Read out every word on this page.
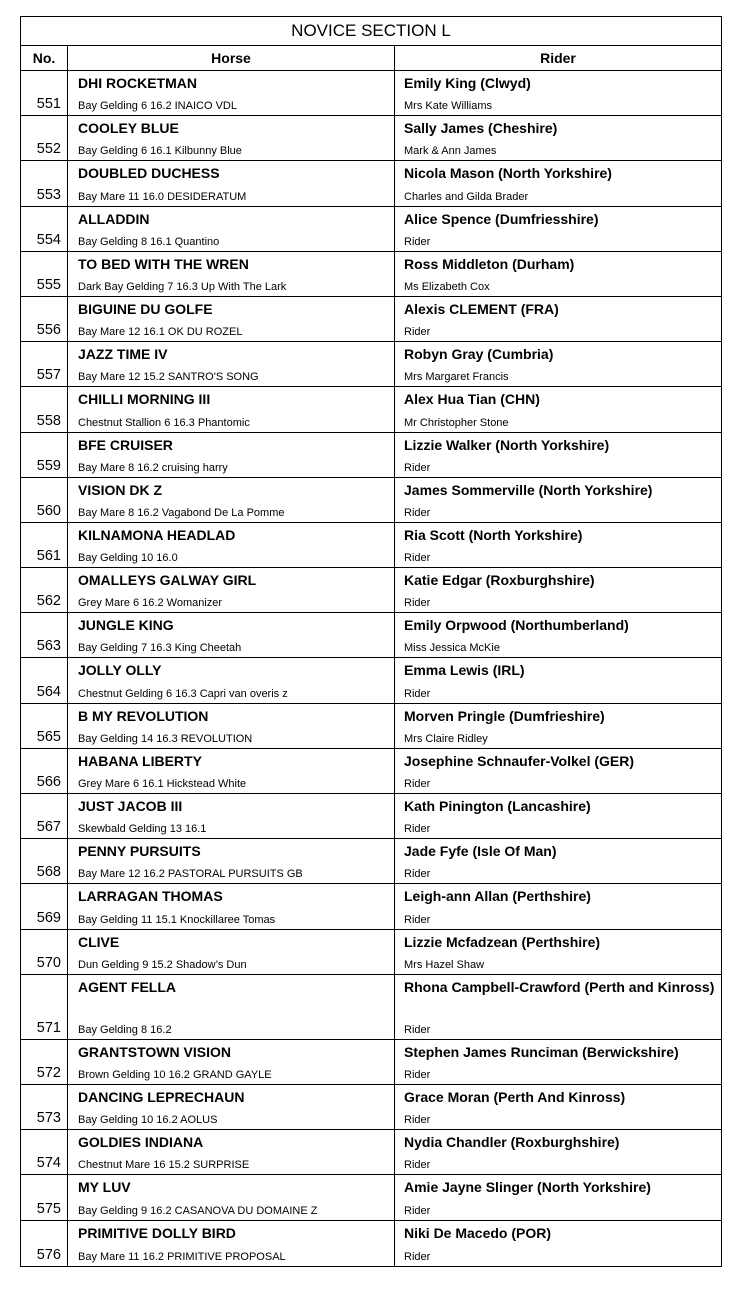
NOVICE SECTION L
No.	Horse	Rider
551
DHI ROCKETMAN
Bay Gelding 6 16.2 INAICO VDL
Emily King (Clwyd)
Mrs Kate Williams
552
COOLEY BLUE
Bay Gelding 6 16.1 Kilbunny Blue
Sally James (Cheshire)
Mark & Ann James
553
DOUBLED DUCHESS
Bay Mare 11 16.0 DESIDERATUM
Nicola Mason (North Yorkshire)
Charles and Gilda Brader
554
ALLADDIN
Bay Gelding 8 16.1 Quantino
Alice Spence (Dumfriesshire)
Rider
555
TO BED WITH THE WREN
Dark Bay Gelding 7 16.3 Up With The Lark
Ross Middleton (Durham)
Ms Elizabeth Cox
556
BIGUINE DU GOLFE
Bay Mare 12 16.1 OK DU ROZEL
Alexis CLEMENT (FRA)
Rider
557
JAZZ TIME IV
Bay Mare 12 15.2 SANTRO'S SONG
Robyn Gray (Cumbria)
Mrs Margaret Francis
558
CHILLI MORNING III
Chestnut Stallion 6 16.3 Phantomic
Alex Hua Tian (CHN)
Mr Christopher Stone
559
BFE CRUISER
Bay Mare 8 16.2 cruising harry
Lizzie Walker (North Yorkshire)
Rider
560
VISION DK Z
Bay Mare 8 16.2 Vagabond De La Pomme
James Sommerville (North Yorkshire)
Rider
561
KILNAMONA HEADLAD
Bay Gelding 10 16.0
Ria Scott (North Yorkshire)
Rider
562
OMALLEYS GALWAY GIRL
Grey Mare 6 16.2 Womanizer
Katie Edgar (Roxburghshire)
Rider
563
JUNGLE KING
Bay Gelding 7 16.3 King Cheetah
Emily Orpwood (Northumberland)
Miss Jessica McKie
564
JOLLY OLLY
Chestnut Gelding 6 16.3 Capri van overis z
Emma Lewis (IRL)
Rider
565
B MY REVOLUTION
Bay Gelding 14 16.3 REVOLUTION
Morven Pringle (Dumfrieshire)
Mrs Claire Ridley
566
HABANA LIBERTY
Grey Mare 6 16.1 Hickstead White
Josephine Schnaufer-Volkel (GER)
Rider
567
JUST JACOB III
Skewbald Gelding 13 16.1
Kath Pinington (Lancashire)
Rider
568
PENNY PURSUITS
Bay Mare 12 16.2 PASTORAL PURSUITS GB
Jade Fyfe (Isle Of Man)
Rider
569
LARRAGAN THOMAS
Bay Gelding 11 15.1 Knockillaree Tomas
Leigh-ann Allan (Perthshire)
Rider
570
CLIVE
Dun Gelding 9 15.2 Shadow’s Dun
Lizzie Mcfadzean (Perthshire)
Mrs Hazel Shaw
571
AGENT FELLA
Bay Gelding 8 16.2
Rhona Campbell-Crawford (Perth and Kinross)
Rider
572
GRANTSTOWN VISION
Brown Gelding 10 16.2 GRAND GAYLE
Stephen James Runciman (Berwickshire)
Rider
573
DANCING LEPRECHAUN
Bay Gelding 10 16.2 AOLUS
Grace Moran (Perth And Kinross)
Rider
574
GOLDIES INDIANA
Chestnut Mare 16 15.2 SURPRISE
Nydia Chandler (Roxburghshire)
Rider
575
MY LUV
Bay Gelding 9 16.2 CASANOVA DU DOMAINE Z
Amie Jayne Slinger (North Yorkshire)
Rider
576
PRIMITIVE DOLLY BIRD
Bay Mare 11 16.2 PRIMITIVE PROPOSAL
Niki De Macedo (POR)
Rider
